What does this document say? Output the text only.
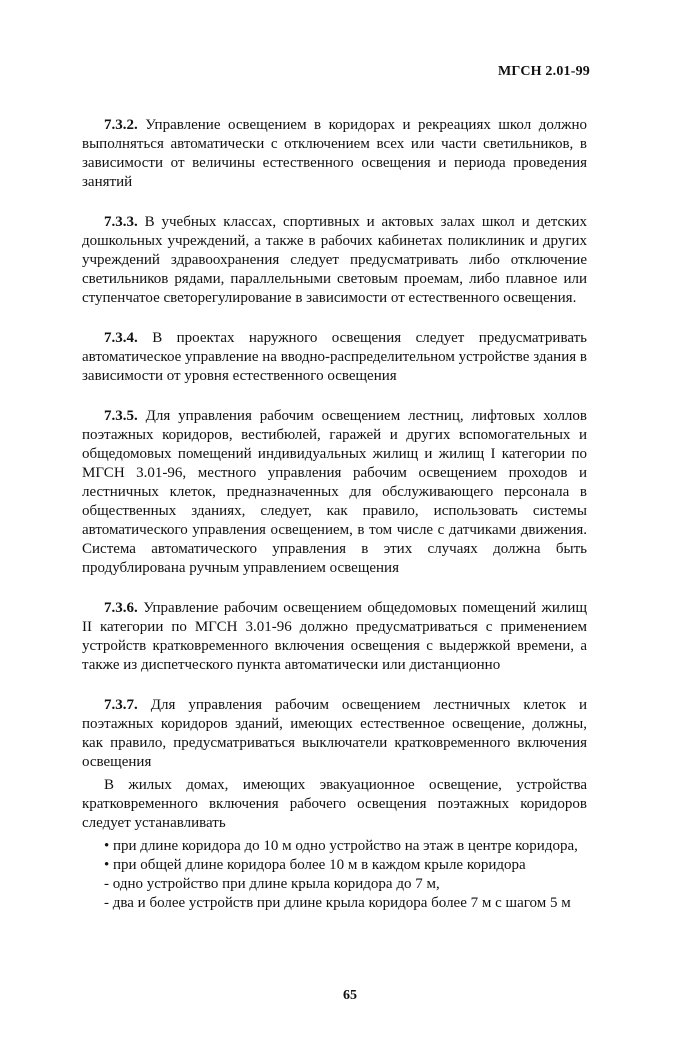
МГСН 2.01-99

7.3.2. Управление освещением в коридорах и рекреациях школ должно выполняться автоматически с отключением всех или части светильников, в зависимости от величины естественного освещения и периода проведения занятий

7.3.3. В учебных классах, спортивных и актовых залах школ и детских дошкольных учреждений, а также в рабочих кабинетах поликлиник и других учреждений здравоохранения следует предусматривать либо отключение светильников рядами, параллельными световым проемам, либо плавное или ступенчатое светорегулирование в зависимости от естественного освещения.

7.3.4. В проектах наружного освещения следует предусматривать автоматическое управление на вводно-распределительном устройстве здания в зависимости от уровня естественного освещения

7.3.5. Для управления рабочим освещением лестниц, лифтовых холлов поэтажных коридоров, вестибюлей, гаражей и других вспомогательных и общедомовых помещений индивидуальных жилищ и жилищ I категории по МГСН 3.01-96, местного управления рабочим освещением проходов и лестничных клеток, предназначенных для обслуживающего персонала в общественных зданиях, следует, как правило, использовать системы автоматического управления освещением, в том числе с датчиками движения. Система автоматического управления в этих случаях должна быть продублирована ручным управлением освещения

7.3.6. Управление рабочим освещением общедомовых помещений жилищ II категории по МГСН 3.01-96 должно предусматриваться с применением устройств кратковременного включения освещения с выдержкой времени, а также из диспетческого пункта автоматически или дистанционно

7.3.7. Для управления рабочим освещением лестничных клеток и поэтажных коридоров зданий, имеющих естественное освещение, должны, как правило, предусматриваться выключатели кратковременного включения освещения

В жилых домах, имеющих эвакуационное освещение, устройства кратковременного включения рабочего освещения поэтажных коридоров следует устанавливать

• при длине коридора до 10 м одно устройство на этаж в центре коридора,

• при общей длине коридора более 10 м в каждом крыле коридора

- одно устройство при длине крыла коридора до 7 м,

- два и более устройств при длине крыла коридора более 7 м с шагом 5 м

65
